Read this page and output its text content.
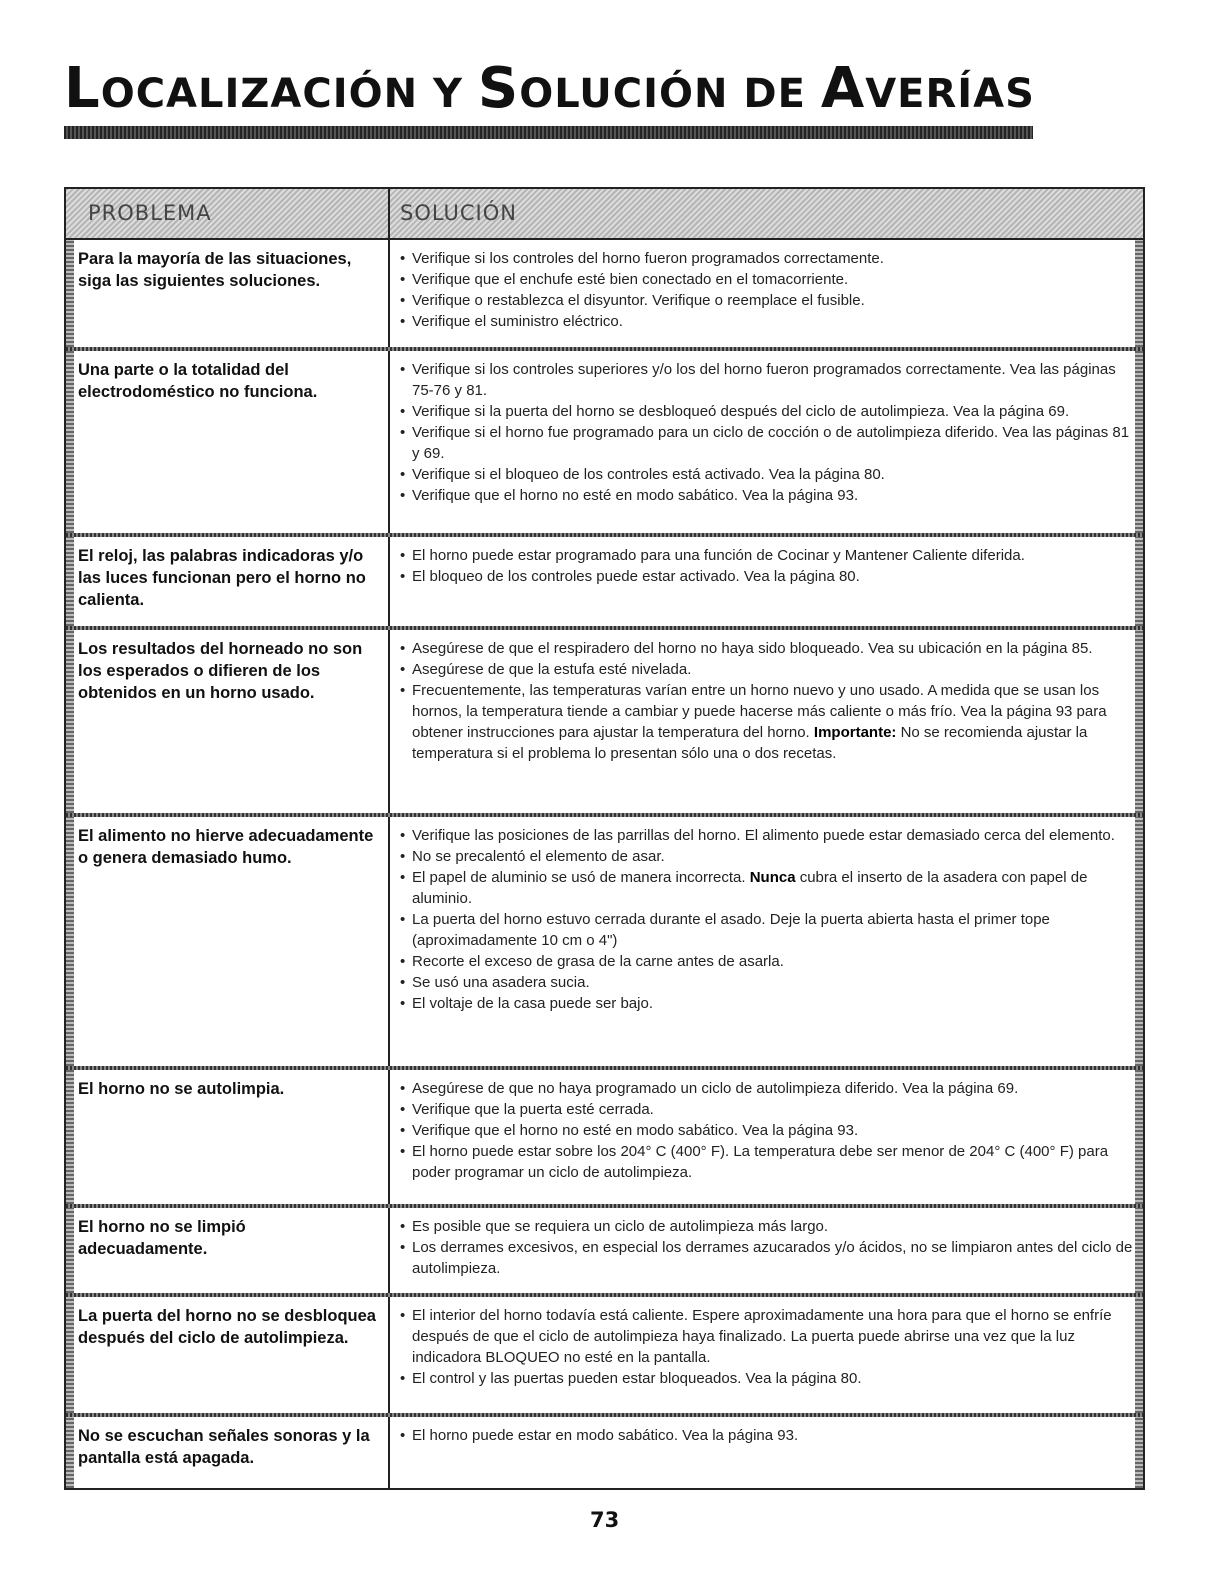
LOCALIZACIÓN Y SOLUCIÓN DE AVERÍAS
PROBLEMA	SOLUCIÓN
Para la mayoría de las situaciones, siga las siguientes soluciones.
• Verifique si los controles del horno fueron programados correctamente.
• Verifique que el enchufe esté bien conectado en el tomacorriente.
• Verifique o restablezca el disyuntor. Verifique o reemplace el fusible.
• Verifique el suministro eléctrico.
Una parte o la totalidad del electrodoméstico no funciona.
• Verifique si los controles superiores y/o los del horno fueron programados correctamente. Vea las páginas 75-76 y 81.
• Verifique si la puerta del horno se desbloqueó después del ciclo de autolimpieza. Vea la página 69.
• Verifique si el horno fue programado para un ciclo de cocción o de autolimpieza diferido. Vea las páginas 81 y 69.
• Verifique si el bloqueo de los controles está activado. Vea la página 80.
• Verifique que el horno no esté en modo sabático. Vea la página 93.
El reloj, las palabras indicadoras y/o las luces funcionan pero el horno no calienta.
• El horno puede estar programado para una función de Cocinar y Mantener Caliente diferida.
• El bloqueo de los controles puede estar activado. Vea la página 80.
Los resultados del horneado no son los esperados o difieren de los obtenidos en un horno usado.
• Asegúrese de que el respiradero del horno no haya sido bloqueado. Vea su ubicación en la página 85.
• Asegúrese de que la estufa esté nivelada.
• Frecuentemente, las temperaturas varían entre un horno nuevo y uno usado. A medida que se usan los hornos, la temperatura tiende a cambiar y puede hacerse más caliente o más frío. Vea la página 93 para obtener instrucciones para ajustar la temperatura del horno. Importante: No se recomienda ajustar la temperatura si el problema lo presentan sólo una o dos recetas.
El alimento no hierve adecuadamente o genera demasiado humo.
• Verifique las posiciones de las parrillas del horno. El alimento puede estar demasiado cerca del elemento.
• No se precalentó el elemento de asar.
• El papel de aluminio se usó de manera incorrecta. Nunca cubra el inserto de la asadera con papel de aluminio.
• La puerta del horno estuvo cerrada durante el asado. Deje la puerta abierta hasta el primer tope (aproximadamente 10 cm o 4")
• Recorte el exceso de grasa de la carne antes de asarla.
• Se usó una asadera sucia.
• El voltaje de la casa puede ser bajo.
El horno no se autolimpia.
•	Asegúrese de que no haya programado un ciclo de autolimpieza diferido. Vea la página 69.
• Verifique que la puerta esté cerrada.
• Verifique que el horno no esté en modo sabático. Vea la página 93.
• El horno puede estar sobre los 204° C (400° F). La temperatura debe ser menor de 204° C (400° F) para poder programar un ciclo de autolimpieza.
El horno no se limpió adecuadamente.
• Es posible que se requiera un ciclo de autolimpieza más largo.
• Los derrames excesivos, en especial los derrames azucarados y/o ácidos, no se limpiaron antes del ciclo de autolimpieza.
La puerta del horno no se desbloquea después del ciclo de autolimpieza.
• El interior del horno todavía está caliente. Espere aproximadamente una hora para que el horno se enfríe después de que el ciclo de autolimpieza haya finalizado. La puerta puede abrirse una vez que la luz indicadora BLOQUEO no esté en la pantalla.
• El control y las puertas pueden estar bloqueados. Vea la página 80.
No se escuchan señales sonoras y la pantalla está apagada.
• El horno puede estar en modo sabático. Vea la página 93.
73
